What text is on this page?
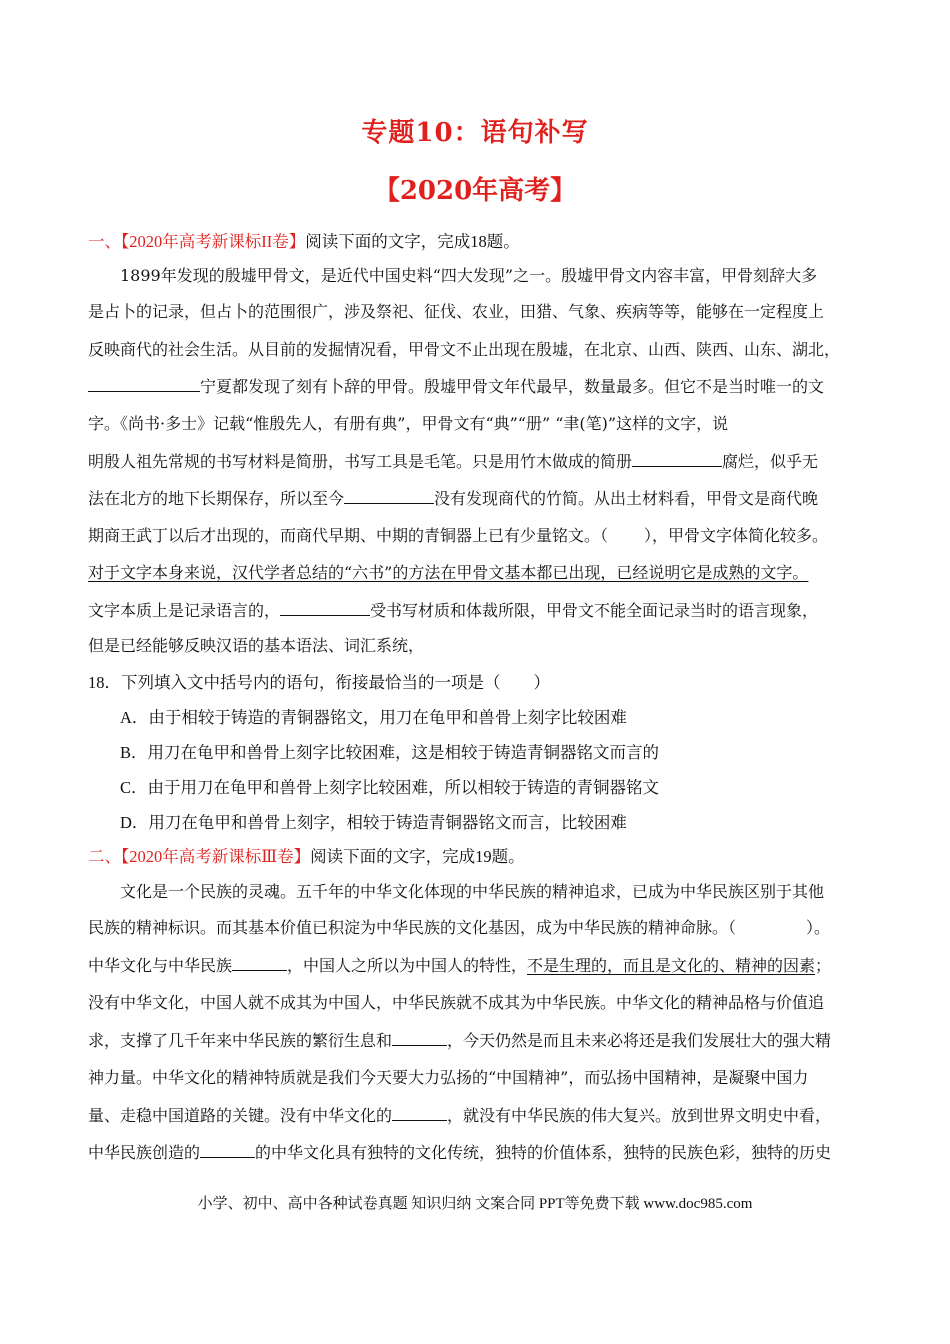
专题10：语句补写
【2020年高考】
一、【2020年高考新课标II卷】阅读下面的文字，完成18题。
1899年发现的殷墟甲骨文，是近代中国史料“四大发现”之一。殷墟甲骨文内容丰富，甲骨刻辞大多
是占卜的记录，但占卜的范围很广，涉及祭祀、征伐、农业，田猎、气象、疾病等等，能够在一定程度上
反映商代的社会生活。从目前的发掘情况看，甲骨文不止出现在殷墟，在北京、山西、陕西、山东、湖北，
宁夏都发现了刻有卜辞的甲骨。殷墟甲骨文年代最早，数量最多。但它不是当时唯一的文
字。《尚书·多士》记载“惟殷先人，有册有典”，甲骨文有“典”“册” “聿(笔)”这样的文字，说
明殷人祖先常规的书写材料是简册，书写工具是毛笔。只是用竹木做成的简册	腐烂，似乎无
法在北方的地下长期保存，所以至今	没有发现商代的竹简。从出土材料看，甲骨文是商代晚
期商王武丁以后才出现的，而商代早期、中期的青铜器上已有少量铭文。（ ），甲骨文字体简化较多。
对于文字本身来说，汉代学者总结的“六书”的方法在甲骨文基本都已出现，已经说明它是成熟的文字。
文字本质上是记录语言的，	受书写材质和体裁所限，甲骨文不能全面记录当时的语言现象，
但是已经能够反映汉语的基本语法、词汇系统，
18．下列填入文中括号内的语句，衔接最恰当的一项是（　　）
A．由于相较于铸造的青铜器铭文，用刀在龟甲和兽骨上刻字比较困难
B．用刀在龟甲和兽骨上刻字比较困难，这是相较于铸造青铜器铭文而言的
C．由于用刀在龟甲和兽骨上刻字比较困难，所以相较于铸造的青铜器铭文
D．用刀在龟甲和兽骨上刻字，相较于铸造青铜器铭文而言，比较困难
二、【2020年高考新课标Ⅲ卷】阅读下面的文字，完成19题。
文化是一个民族的灵魂。五千年的中华文化体现的中华民族的精神追求，已成为中华民族区别于其他
民族的精神标识。而其基本价值已积淀为中华民族的文化基因，成为中华民族的精神命脉。（	）。
中华文化与中华民族	，中国人之所以为中国人的特性，不是生理的，而且是文化的、精神的因素；
没有中华文化，中国人就不成其为中国人，中华民族就不成其为中华民族。中华文化的精神品格与价值追
求，支撑了几千年来中华民族的繁衍生息和	，今天仍然是而且未来必将还是我们发展壮大的强大精
神力量。中华文化的精神特质就是我们今天要大力弘扬的“中国精神”，而弘扬中国精神，是凝聚中国力
量、走稳中国道路的关键。没有中华文化的	，就没有中华民族的伟大复兴。放到世界文明史中看，
中华民族创造的	的中华文化具有独特的文化传统，独特的价值体系，独特的民族色彩，独特的历史
小学、初中、高中各种试卷真题 知识归纳 文案合同 PPT等免费下载 www.doc985.com
